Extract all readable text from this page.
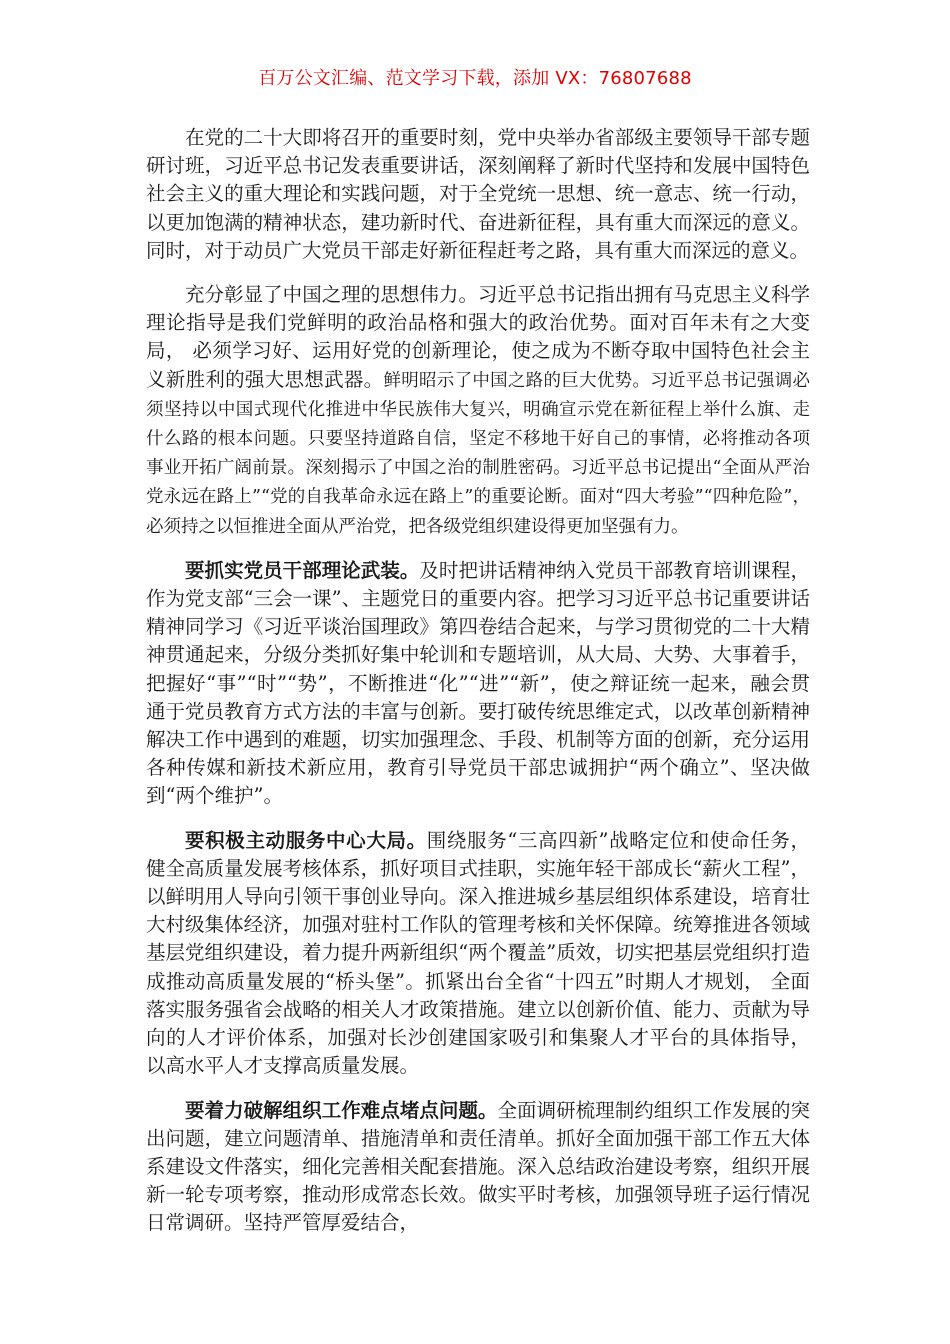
百万公文汇编、范文学习下载，添加 VX：76807688

在党的二十大即将召开的重要时刻，党中央举办省部级主要领导干部专题研讨班，习近平总书记发表重要讲话，深刻阐释了新时代坚持和发展中国特色社会主义的重大理论和实践问题，对于全党统一思想、统一意志、统一行动，以更加饱满的精神状态，建功新时代、奋进新征程，具有重大而深远的意义。同时，对于动员广大党员干部走好新征程赶考之路，具有重大而深远的意义。

充分彰显了中国之理的思想伟力。习近平总书记指出拥有马克思主义科学理论指导是我们党鲜明的政治品格和强大的政治优势。面对百年未有之大变局， 必须学习好、运用好党的创新理论，使之成为不断夺取中国特色社会主义新胜利的强大思想武器。鲜明昭示了中国之路的巨大优势。习近平总书记强调必须坚持以中国式现代化推进中华民族伟大复兴，明确宣示党在新征程上举什么旗、走什么路的根本问题。只要坚持道路自信，坚定不移地干好自己的事情，必将推动各项事业开拓广阔前景。深刻揭示了中国之治的制胜密码。习近平总书记提出“全面从严治党永远在路上”“党的自我革命永远在路上”的重要论断。面对“四大考验”“四种危险”，必须持之以恒推进全面从严治党，把各级党组织建设得更加坚强有力。

要抓实党员干部理论武装。及时把讲话精神纳入党员干部教育培训课程， 作为党支部“三会一课”、主题党日的重要内容。把学习习近平总书记重要讲话精神同学习《习近平谈治国理政》第四卷结合起来，与学习贯彻党的二十大精神贯通起来，分级分类抓好集中轮训和专题培训，从大局、大势、大事着手，把握好“事”“时”“势”，不断推进“化”“进”“新”，使之辩证统一起来，融会贯通于党员教育方式方法的丰富与创新。要打破传统思维定式，以改革创新精神解决工作中遇到的难题，切实加强理念、手段、机制等方面的创新，充分运用各种传媒和新技术新应用，教育引导党员干部忠诚拥护“两个确立”、坚决做到“两个维护”。

要积极主动服务中心大局。围绕服务“三高四新”战略定位和使命任务， 健全高质量发展考核体系，抓好项目式挂职，实施年轻干部成长“薪火工程”， 以鲜明用人导向引领干事创业导向。深入推进城乡基层组织体系建设，培育壮大村级集体经济，加强对驻村工作队的管理考核和关怀保障。统筹推进各领域基层党组织建设，着力提升两新组织“两个覆盖”质效，切实把基层党组织打造成推动高质量发展的“桥头堡”。抓紧出台全省“十四五”时期人才规划， 全面落实服务强省会战略的相关人才政策措施。建立以创新价值、能力、贡献为导向的人才评价体系，加强对长沙创建国家吸引和集聚人才平台的具体指导， 以高水平人才支撑高质量发展。

要着力破解组织工作难点堵点问题。全面调研梳理制约组织工作发展的突出问题，建立问题清单、措施清单和责任清单。抓好全面加强干部工作五大体系建设文件落实，细化完善相关配套措施。深入总结政治建设考察，组织开展新一轮专项考察，推动形成常态长效。做实平时考核，加强领导班子运行情况日常调研。坚持严管厚爱结合，
